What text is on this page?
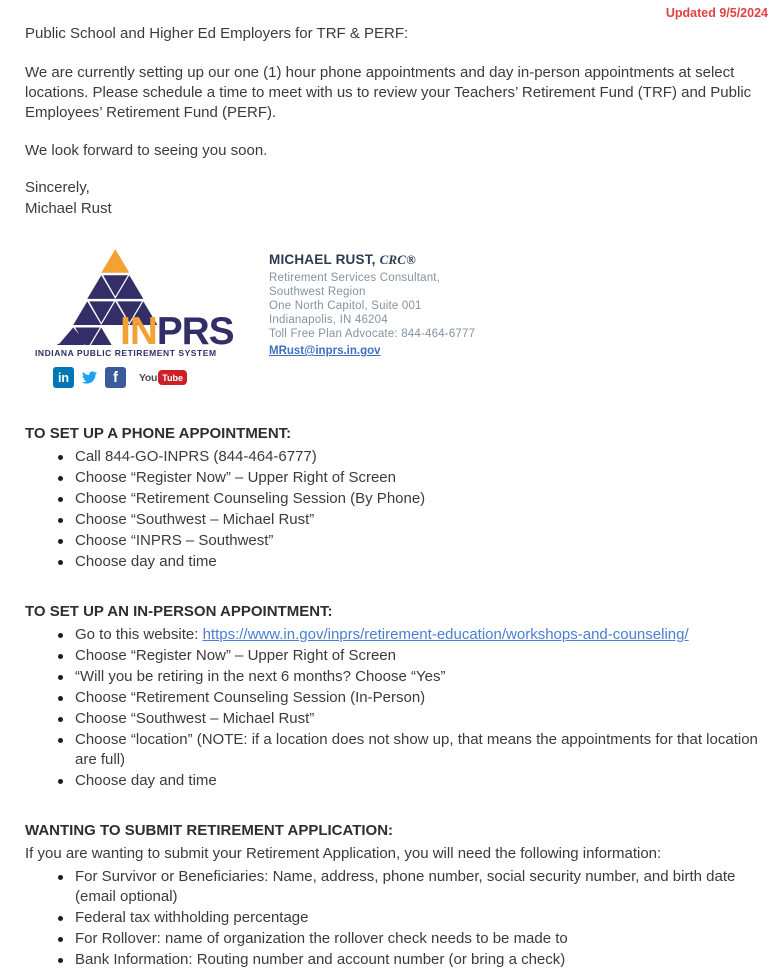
Updated 9/5/2024

Public School and Higher Ed Employers for TRF & PERF:

We are currently setting up our one (1) hour phone appointments and day in-person appointments at select locations. Please schedule a time to meet with us to review your Teachers’ Retirement Fund (TRF) and Public Employees’ Retirement Fund (PERF).

We look forward to seeing you soon.

Sincerely,
Michael Rust

INPRS
INDIANA PUBLIC RETIREMENT SYSTEM
in	f	You Tube
MICHAEL RUST, CRC®
Retirement Services Consultant,
Southwest Region
One North Capitol, Suite 001
Indianapolis, IN 46204
Toll Free Plan Advocate: 844-464-6777
MRust@inprs.in.gov
TO SET UP A PHONE APPOINTMENT:
Call 844-GO-INPRS (844-464-6777)
Choose “Register Now” – Upper Right of Screen
Choose “Retirement Counseling Session (By Phone)
Choose “Southwest – Michael Rust”
Choose “INPRS – Southwest”
Choose day and time
TO SET UP AN IN-PERSON APPOINTMENT:
Go to this website: https://www.in.gov/inprs/retirement-education/workshops-and-counseling/
Choose “Register Now” – Upper Right of Screen
“Will you be retiring in the next 6 months? Choose “Yes”
Choose “Retirement Counseling Session (In-Person)
Choose “Southwest – Michael Rust”
Choose “location” (NOTE: if a location does not show up, that means the appointments for that location are full)
Choose day and time
WANTING TO SUBMIT RETIREMENT APPLICATION:
If you are wanting to submit your Retirement Application, you will need the following information:
For Survivor or Beneficiaries: Name, address, phone number, social security number, and birth date (email optional)
Federal tax withholding percentage
For Rollover: name of organization the rollover check needs to be made to
Bank Information: Routing number and account number (or bring a check)
